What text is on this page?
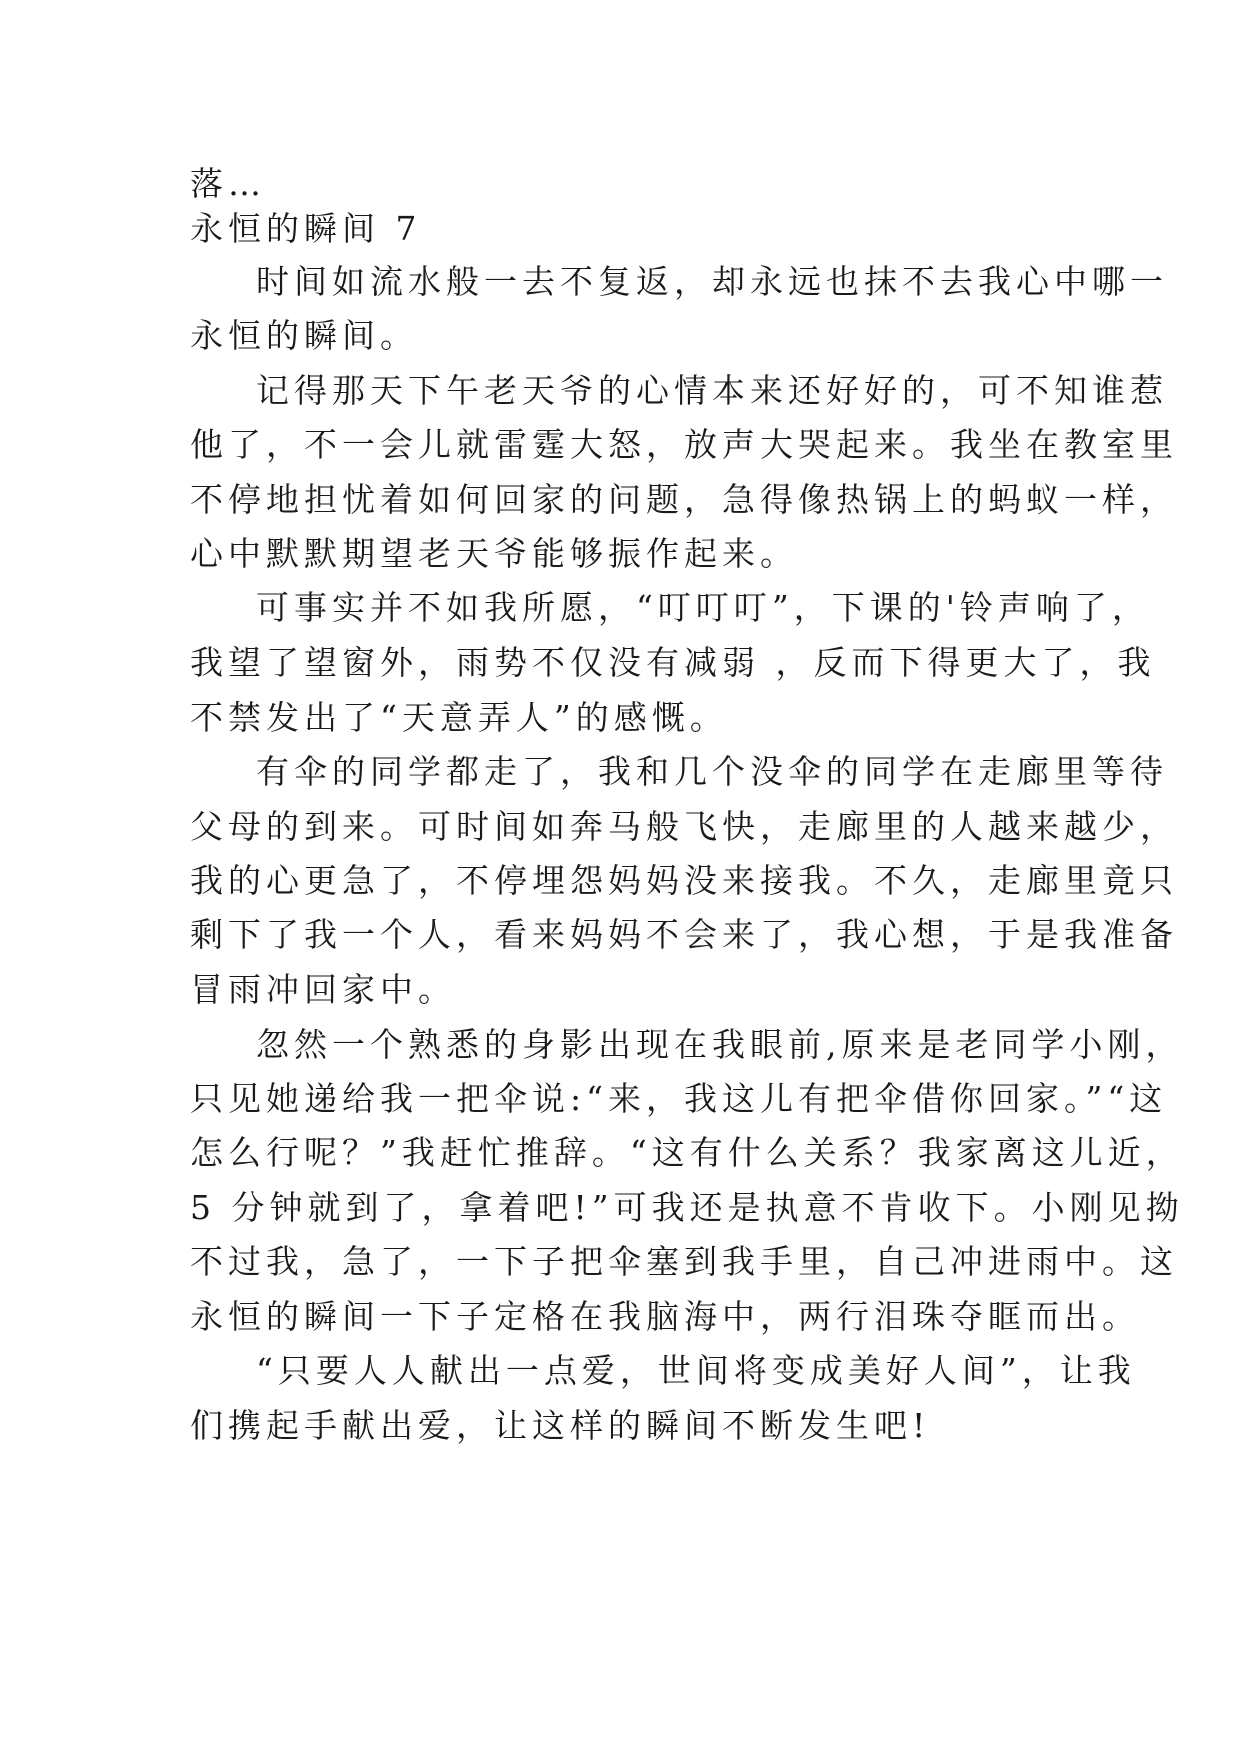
落…
永恒的瞬间 7
时间如流水般一去不复返，却永远也抹不去我心中哪一
永恒的瞬间。
记得那天下午老天爷的心情本来还好好的，可不知谁惹
他了，不一会儿就雷霆大怒，放声大哭起来。我坐在教室里
不停地担忧着如何回家的问题，急得像热锅上的蚂蚁一样，
心中默默期望老天爷能够振作起来。
可事实并不如我所愿，“叮叮叮”，下课的'铃声响了，
我望了望窗外，雨势不仅没有减弱 ，反而下得更大了，我
不禁发出了“天意弄人”的感慨。
有伞的同学都走了，我和几个没伞的同学在走廊里等待
父母的到来。可时间如奔马般飞快，走廊里的人越来越少，
我的心更急了，不停埋怨妈妈没来接我。不久，走廊里竟只
剩下了我一个人，看来妈妈不会来了，我心想，于是我准备
冒雨冲回家中。
忽然一个熟悉的身影出现在我眼前,原来是老同学小刚，
只见她递给我一把伞说:“来，我这儿有把伞借你回家。”“这
怎么行呢？”我赶忙推辞。“这有什么关系？我家离这儿近，
5 分钟就到了，拿着吧!”可我还是执意不肯收下。小刚见拗
不过我，急了，一下子把伞塞到我手里，自己冲进雨中。这
永恒的瞬间一下子定格在我脑海中，两行泪珠夺眶而出。
“只要人人献出一点爱，世间将变成美好人间”，让我
们携起手献出爱，让这样的瞬间不断发生吧!
